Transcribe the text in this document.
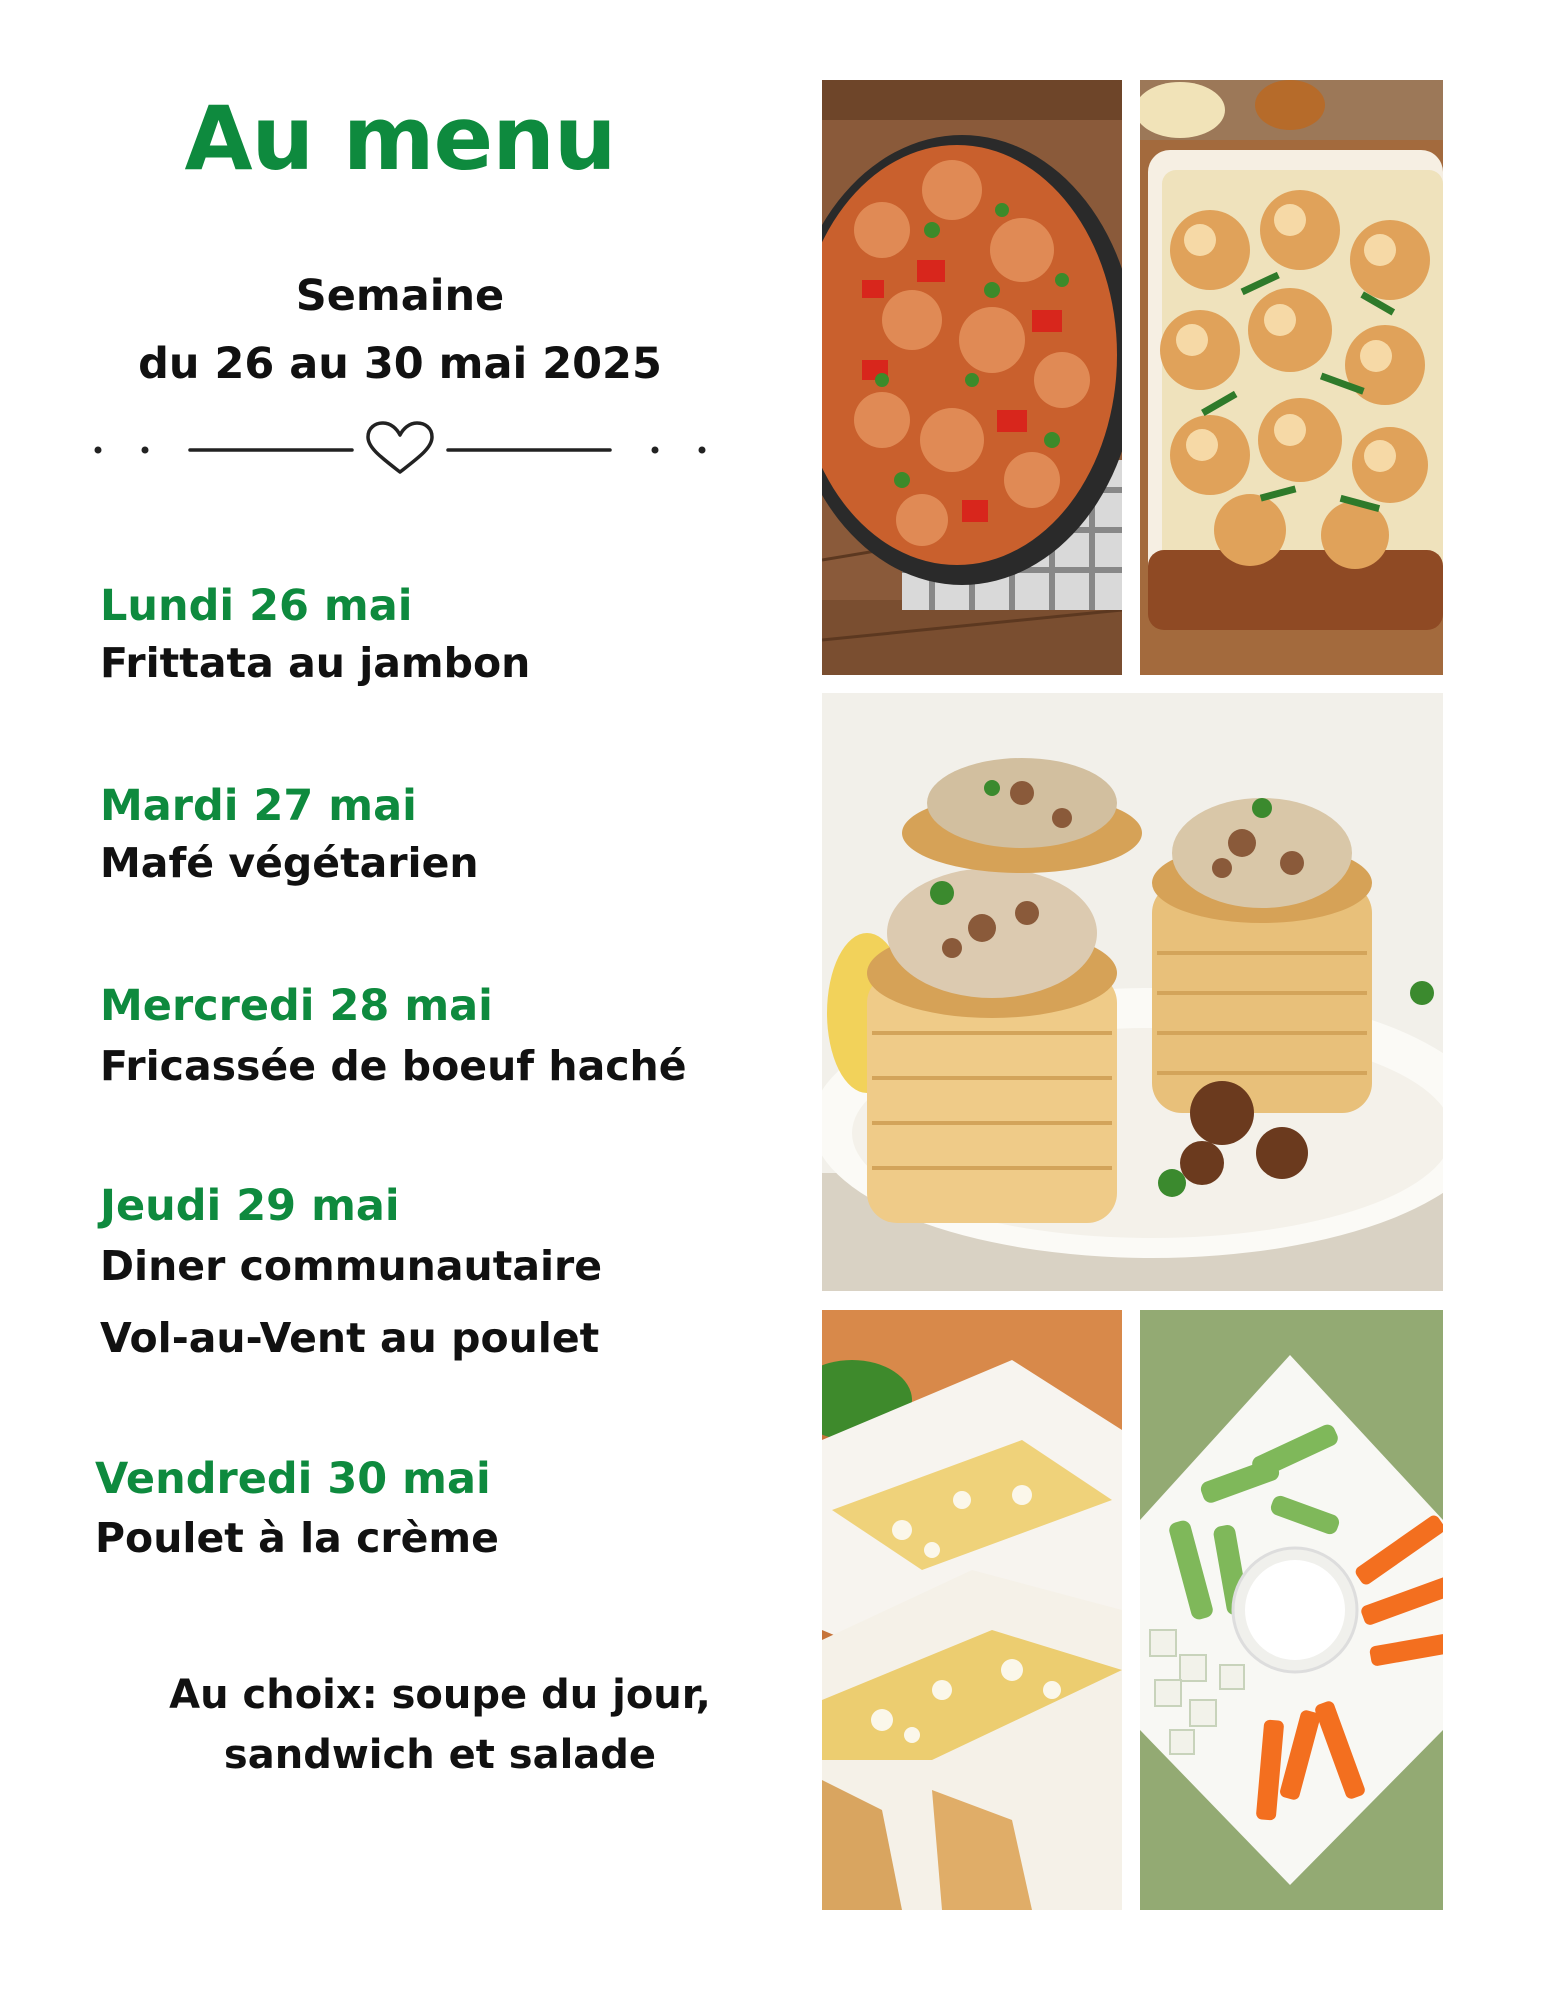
Au menu
Semaine
du 26 au 30 mai 2025
Lundi 26 mai
Frittata au jambon
Mardi 27 mai
Mafé végétarien
Mercredi 28 mai
Fricassée de boeuf haché
Jeudi 29 mai
Diner communautaire
Vol-au-Vent au poulet
Vendredi 30 mai
Poulet à la crème
Au choix: soupe du jour,
sandwich et salade
